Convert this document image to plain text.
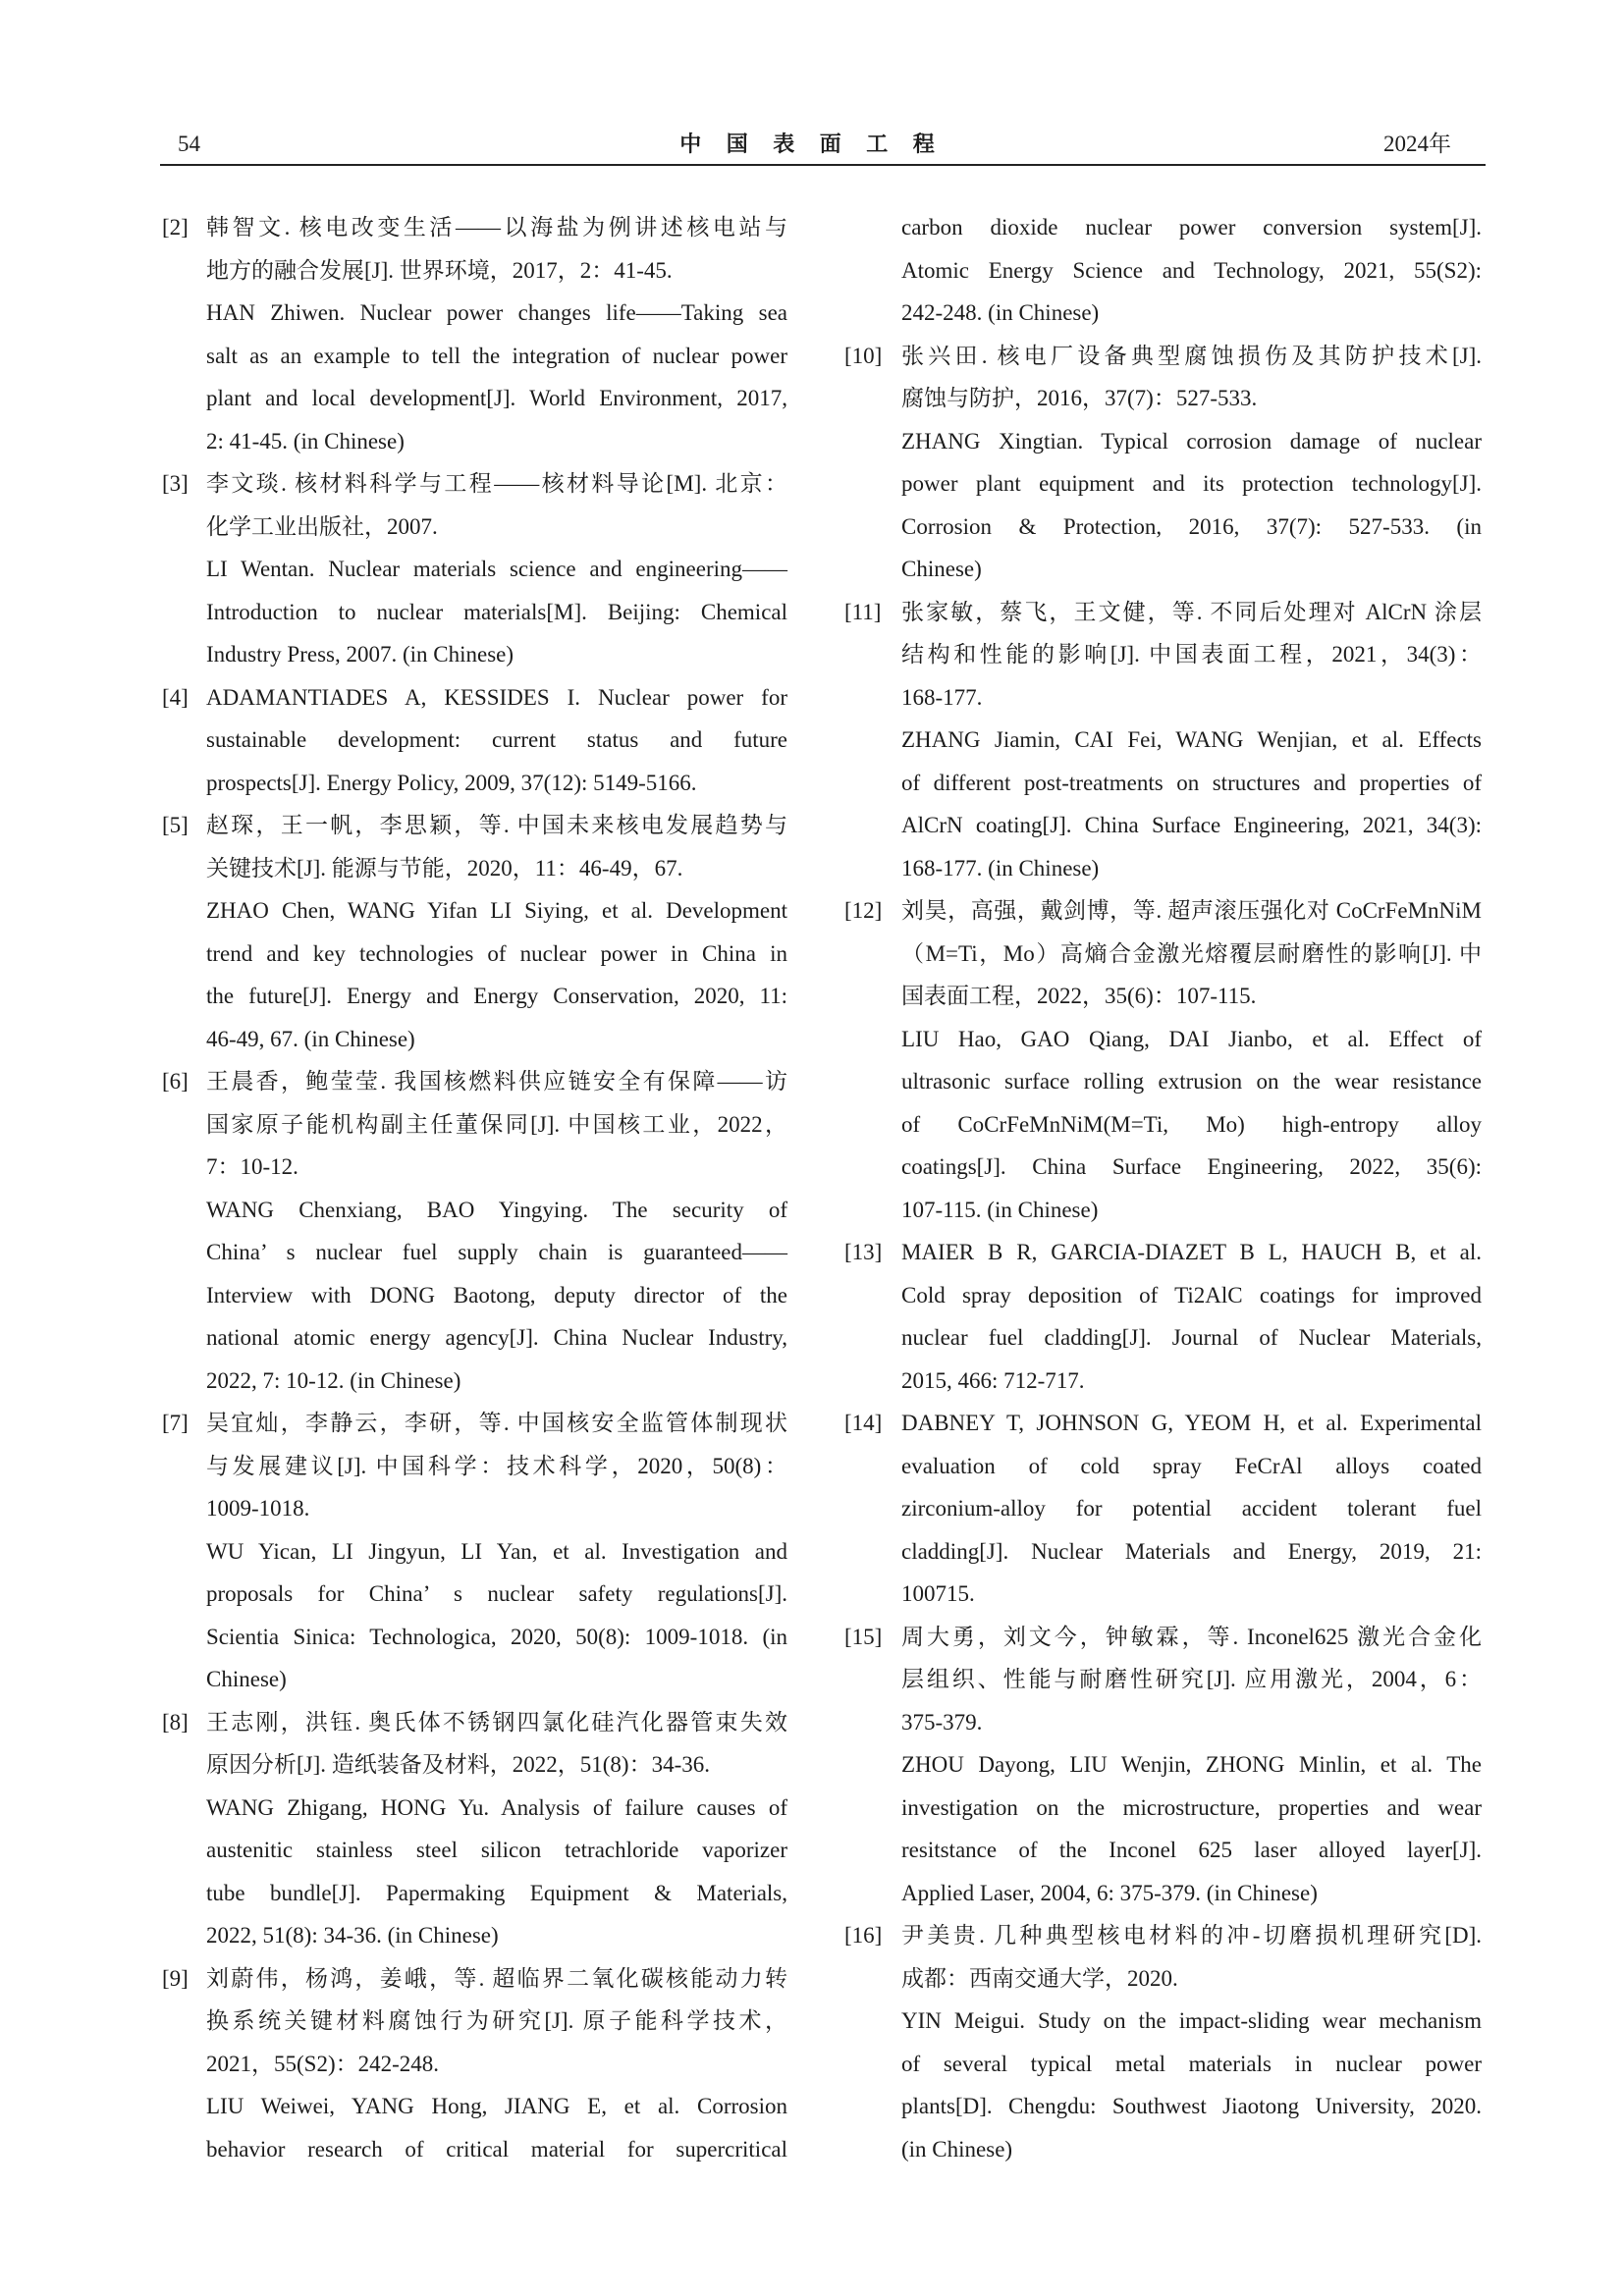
54	中 国 表 面 工 程	2024年
[2] 韩智文. 核电改变生活——以海盐为例讲述核电站与
地方的融合发展[J]. 世界环境，2017，2：41-45.
HAN Zhiwen. Nuclear power changes life——Taking sea
salt as an example to tell the integration of nuclear power
plant and local development[J]. World Environment, 2017,
2: 41-45. (in Chinese)
[3] 李文琰. 核材料科学与工程——核材料导论[M]. 北京：
化学工业出版社，2007.
LI Wentan. Nuclear materials science and engineering——
Introduction to nuclear materials[M]. Beijing: Chemical
Industry Press, 2007. (in Chinese)
[4] ADAMANTIADES A, KESSIDES I. Nuclear power for
sustainable development: current status and future
prospects[J]. Energy Policy, 2009, 37(12): 5149-5166.
[5] 赵琛，王一帆，李思颖，等. 中国未来核电发展趋势与
关键技术[J]. 能源与节能，2020，11：46-49，67.
ZHAO Chen, WANG Yifan LI Siying, et al. Development
trend and key technologies of nuclear power in China in
the future[J]. Energy and Energy Conservation, 2020, 11:
46-49, 67. (in Chinese)
[6] 王晨香，鲍莹莹. 我国核燃料供应链安全有保障——访
国家原子能机构副主任董保同[J]. 中国核工业，2022，
7：10-12.
WANG Chenxiang, BAO Yingying. The security of
China’ s nuclear fuel supply chain is guaranteed——
Interview with DONG Baotong, deputy director of the
national atomic energy agency[J]. China Nuclear Industry,
2022, 7: 10-12. (in Chinese)
[7] 吴宜灿，李静云，李研，等. 中国核安全监管体制现状
与发展建议[J]. 中国科学：技术科学，2020，50(8)：
1009-1018.
WU Yican, LI Jingyun, LI Yan, et al. Investigation and
proposals for China’ s nuclear safety regulations[J].
Scientia Sinica: Technologica, 2020, 50(8): 1009-1018. (in
Chinese)
[8] 王志刚，洪钰. 奥氏体不锈钢四氯化硅汽化器管束失效
原因分析[J]. 造纸装备及材料，2022，51(8)：34-36.
WANG Zhigang, HONG Yu. Analysis of failure causes of
austenitic stainless steel silicon tetrachloride vaporizer
tube bundle[J]. Papermaking Equipment & Materials,
2022, 51(8): 34-36. (in Chinese)
[9] 刘蔚伟，杨鸿，姜峨，等. 超临界二氧化碳核能动力转
换系统关键材料腐蚀行为研究[J]. 原子能科学技术，
2021，55(S2)：242-248.
LIU Weiwei, YANG Hong, JIANG E, et al. Corrosion
behavior research of critical material for supercritical
carbon dioxide nuclear power conversion system[J].
Atomic Energy Science and Technology, 2021, 55(S2):
242-248. (in Chinese)
[10] 张兴田. 核电厂设备典型腐蚀损伤及其防护技术[J].
腐蚀与防护，2016，37(7)：527-533.
ZHANG Xingtian. Typical corrosion damage of nuclear
power plant equipment and its protection technology[J].
Corrosion & Protection, 2016, 37(7): 527-533. (in
Chinese)
[11] 张家敏，蔡飞，王文健，等. 不同后处理对 AlCrN 涂层
结构和性能的影响[J]. 中国表面工程，2021，34(3)：
168-177.
ZHANG Jiamin, CAI Fei, WANG Wenjian, et al. Effects
of different post-treatments on structures and properties of
AlCrN coating[J]. China Surface Engineering, 2021, 34(3):
168-177. (in Chinese)
[12] 刘昊，高强，戴剑博，等. 超声滚压强化对 CoCrFeMnNiM
（M=Ti，Mo）高熵合金激光熔覆层耐磨性的影响[J]. 中
国表面工程，2022，35(6)：107-115.
LIU Hao, GAO Qiang, DAI Jianbo, et al. Effect of
ultrasonic surface rolling extrusion on the wear resistance
of CoCrFeMnNiM(M=Ti, Mo) high-entropy alloy
coatings[J]. China Surface Engineering, 2022, 35(6):
107-115. (in Chinese)
[13] MAIER B R, GARCIA-DIAZET B L, HAUCH B, et al.
Cold spray deposition of Ti2AlC coatings for improved
nuclear fuel cladding[J]. Journal of Nuclear Materials,
2015, 466: 712-717.
[14] DABNEY T, JOHNSON G, YEOM H, et al. Experimental
evaluation of cold spray FeCrAl alloys coated
zirconium-alloy for potential accident tolerant fuel
cladding[J]. Nuclear Materials and Energy, 2019, 21:
100715.
[15] 周大勇，刘文今，钟敏霖，等. Inconel625 激光合金化
层组织、性能与耐磨性研究[J]. 应用激光，2004，6：
375-379.
ZHOU Dayong, LIU Wenjin, ZHONG Minlin, et al. The
investigation on the microstructure, properties and wear
resitstance of the Inconel 625 laser alloyed layer[J].
Applied Laser, 2004, 6: 375-379. (in Chinese)
[16] 尹美贵. 几种典型核电材料的冲-切磨损机理研究[D].
成都：西南交通大学，2020.
YIN Meigui. Study on the impact-sliding wear mechanism
of several typical metal materials in nuclear power
plants[D]. Chengdu: Southwest Jiaotong University, 2020.
(in Chinese)
